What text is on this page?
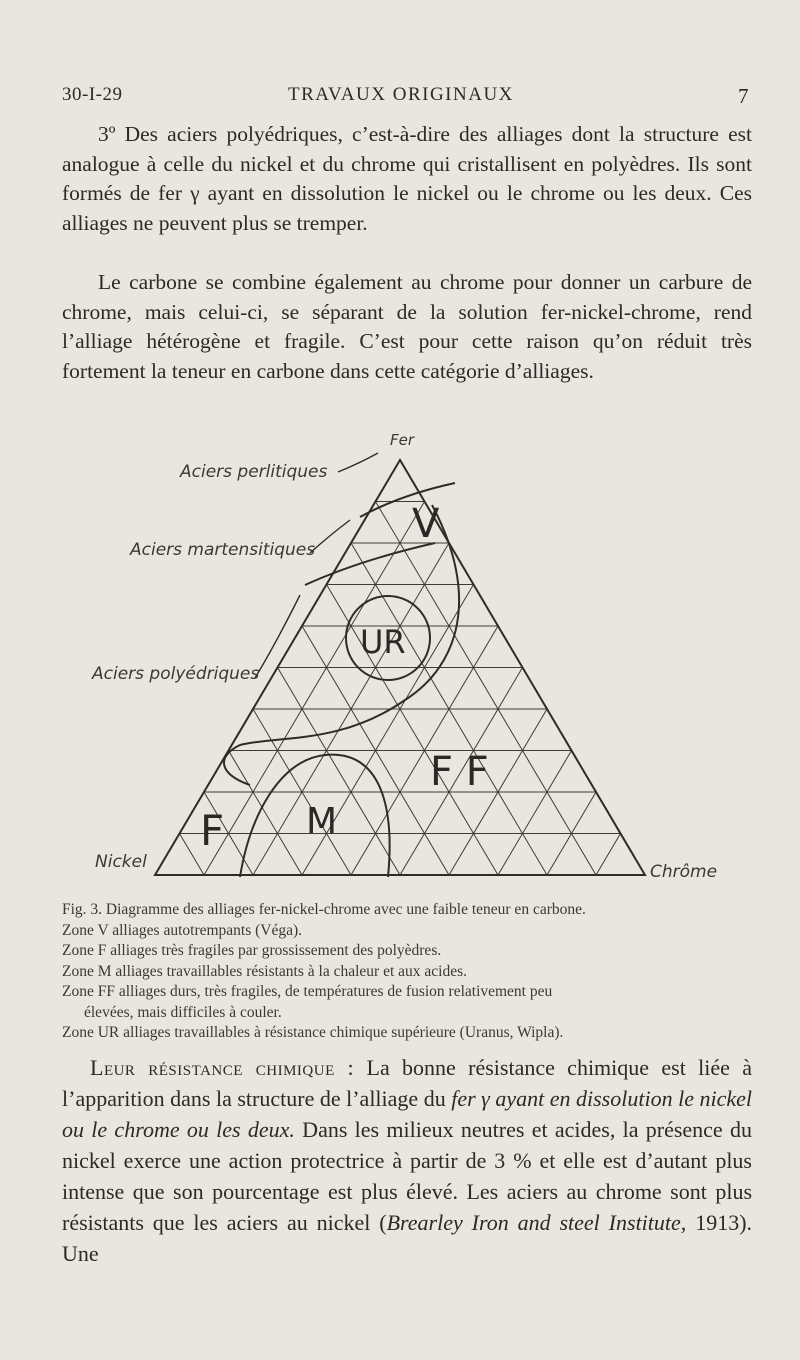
30-I-29	TRAVAUX ORIGINAUX	7

3º Des aciers polyédriques, c’est-à-dire des alliages dont la structure est analogue à celle du nickel et du chrome qui cristallisent en polyèdres. Ils sont formés de fer γ ayant en dissolution le nickel ou le chrome ou les deux. Ces alliages ne peuvent plus se tremper.

Le carbone se combine également au chrome pour donner un carbure de chrome, mais celui-ci, se séparant de la solution fer-nickel-chrome, rend l’alliage hétérogène et fragile. C’est pour cette raison qu’on réduit très fortement la teneur en carbone dans cette catégorie d’alliages.

Fer
Nickel	Chrôme
Aciers perlitiques
Aciers martensitiques
Aciers polyédriques
V
UR
F F
F M
Fig. 3. Diagramme des alliages fer-nickel-chrome avec une faible teneur en carbone.
Zone V alliages autotrempants (Véga).
Zone F alliages très fragiles par grossissement des polyèdres.
Zone M alliages travaillables résistants à la chaleur et aux acides.
Zone FF alliages durs, très fragiles, de températures de fusion relativement peu
élevées, mais difficiles à couler.
Zone UR alliages travaillables à résistance chimique supérieure (Uranus, Wipla).

Leur résistance chimique : La bonne résistance chimique est liée à l’apparition dans la structure de l’alliage du fer γ ayant en dissolution le nickel ou le chrome ou les deux. Dans les milieux neutres et acides, la présence du nickel exerce une action protectrice à partir de 3 % et elle est d’autant plus intense que son pourcentage est plus élevé. Les aciers au chrome sont plus résistants que les aciers au nickel (Brearley Iron and steel Institute, 1913). Une
